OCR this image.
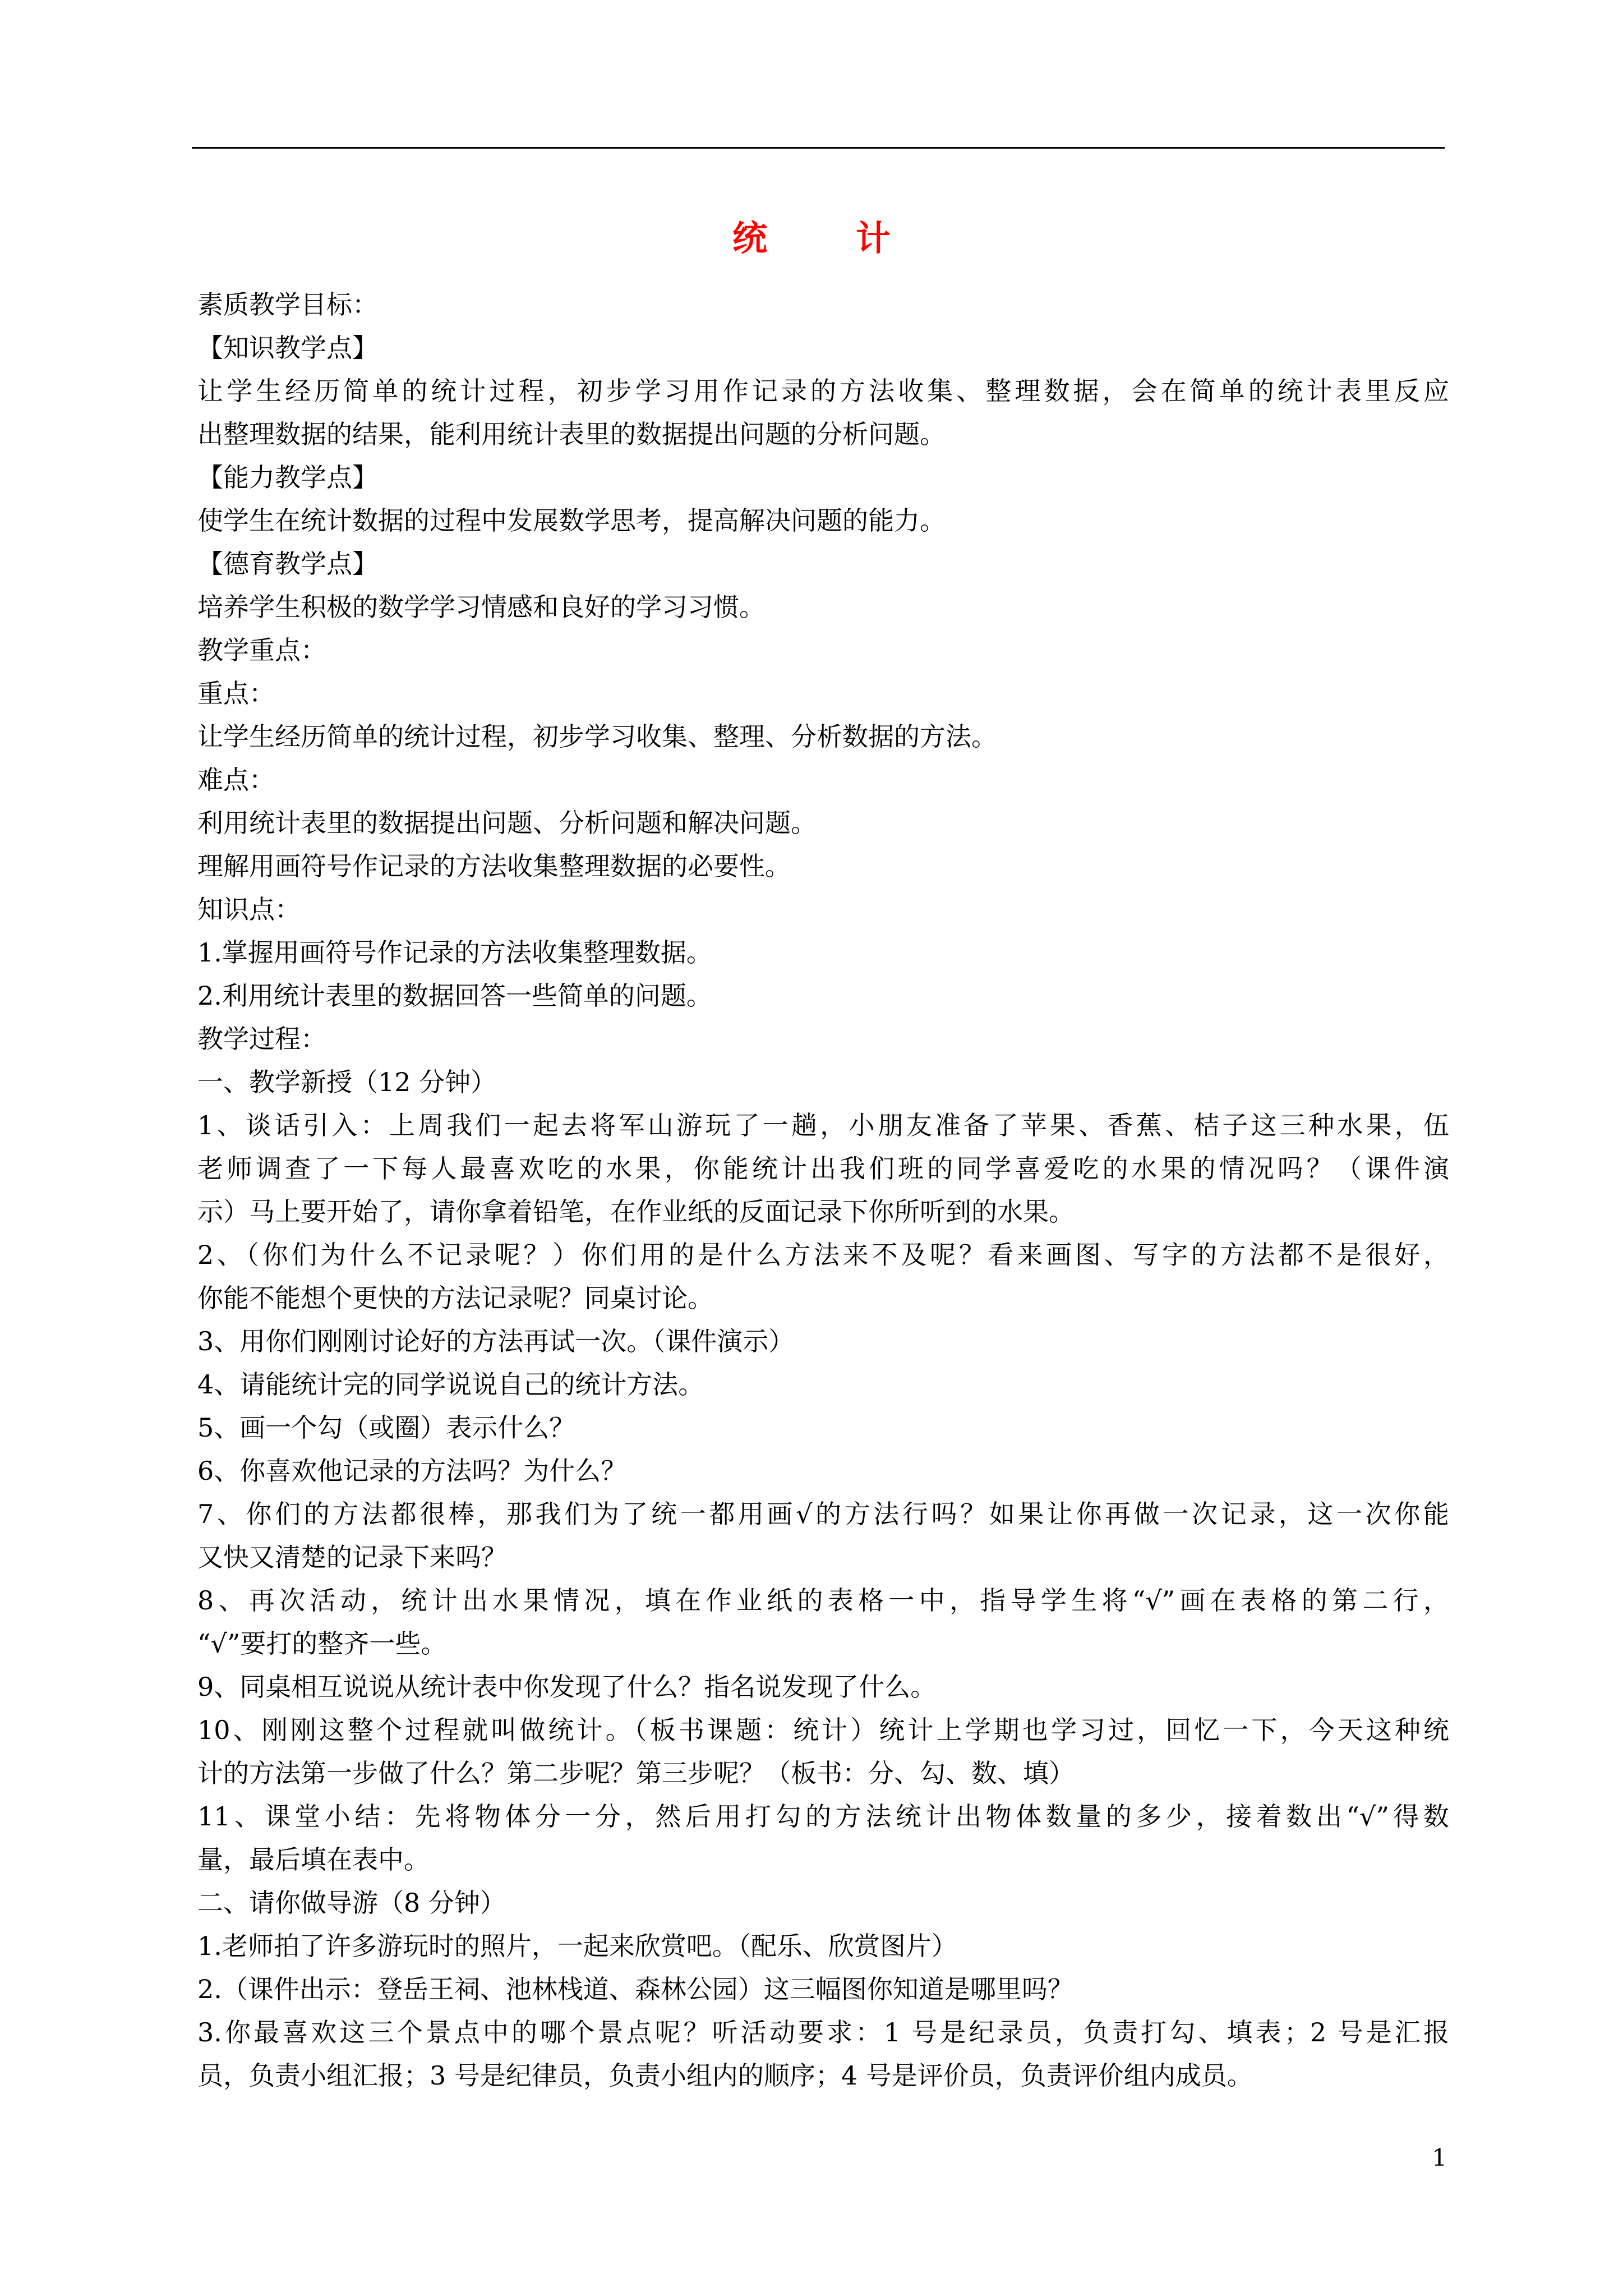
统　计
素质教学目标：
【知识教学点】
让学生经历简单的统计过程，初步学习用作记录的方法收集、整理数据，会在简单的统计表里反应
出整理数据的结果，能利用统计表里的数据提出问题的分析问题。
【能力教学点】
使学生在统计数据的过程中发展数学思考，提高解决问题的能力。
【德育教学点】
培养学生积极的数学学习情感和良好的学习习惯。
教学重点：
重点：
让学生经历简单的统计过程，初步学习收集、整理、分析数据的方法。
难点：
利用统计表里的数据提出问题、分析问题和解决问题。
理解用画符号作记录的方法收集整理数据的必要性。
知识点：
1.掌握用画符号作记录的方法收集整理数据。
2.利用统计表里的数据回答一些简单的问题。
教学过程：
一、教学新授（12 分钟）
1、谈话引入：上周我们一起去将军山游玩了一趟，小朋友准备了苹果、香蕉、桔子这三种水果，伍
老师调查了一下每人最喜欢吃的水果，你能统计出我们班的同学喜爱吃的水果的情况吗？（课件演
示）马上要开始了，请你拿着铅笔，在作业纸的反面记录下你所听到的水果。
2、（你们为什么不记录呢？）你们用的是什么方法来不及呢？看来画图、写字的方法都不是很好，
你能不能想个更快的方法记录呢？同桌讨论。
3、用你们刚刚讨论好的方法再试一次。（课件演示）
4、请能统计完的同学说说自己的统计方法。
5、画一个勾（或圈）表示什么？
6、你喜欢他记录的方法吗？为什么？
7、你们的方法都很棒，那我们为了统一都用画√的方法行吗？如果让你再做一次记录，这一次你能
又快又清楚的记录下来吗？
8、再次活动，统计出水果情况，填在作业纸的表格一中，指导学生将“√”画在表格的第二行，
“√”要打的整齐一些。
9、同桌相互说说从统计表中你发现了什么？指名说发现了什么。
10、刚刚这整个过程就叫做统计。（板书课题：统计）统计上学期也学习过，回忆一下，今天这种统
计的方法第一步做了什么？第二步呢？第三步呢？（板书：分、勾、数、填）
11、课堂小结：先将物体分一分，然后用打勾的方法统计出物体数量的多少，接着数出“√”得数
量，最后填在表中。
二、请你做导游（8 分钟）
1.老师拍了许多游玩时的照片，一起来欣赏吧。（配乐、欣赏图片）
2.（课件出示：登岳王祠、池林栈道、森林公园）这三幅图你知道是哪里吗？
3.你最喜欢这三个景点中的哪个景点呢？听活动要求：1 号是纪录员，负责打勾、填表；2 号是汇报
员，负责小组汇报；3 号是纪律员，负责小组内的顺序；4 号是评价员，负责评价组内成员。
1
